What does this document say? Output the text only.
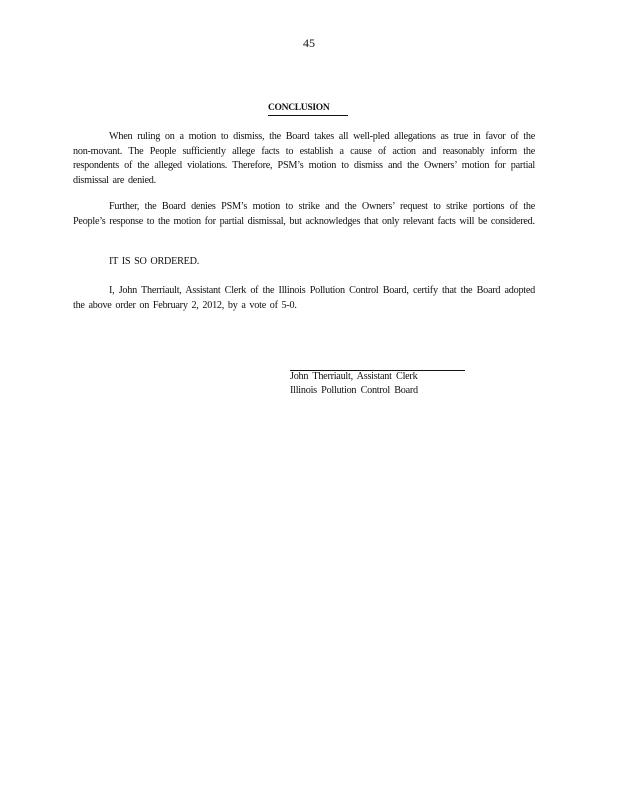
45
CONCLUSION
When ruling on a motion to dismiss, the Board takes all well-pled allegations as true in favor of the non-movant. The People sufficiently allege facts to establish a cause of action and reasonably inform the respondents of the alleged violations. Therefore, PSM’s motion to dismiss and the Owners’ motion for partial dismissal are denied.
Further, the Board denies PSM’s motion to strike and the Owners’ request to strike portions of the People’s response to the motion for partial dismissal, but acknowledges that only relevant facts will be considered.
IT IS SO ORDERED.
I, John Therriault, Assistant Clerk of the Illinois Pollution Control Board, certify that the Board adopted the above order on February 2, 2012, by a vote of 5-0.
John Therriault, Assistant Clerk
Illinois Pollution Control Board
